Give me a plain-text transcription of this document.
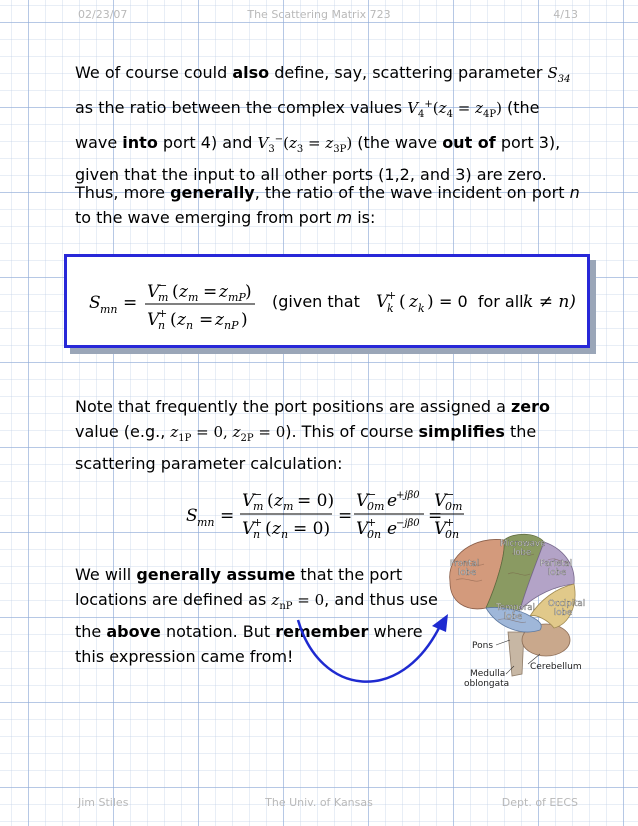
02/23/07	The Scattering Matrix 723	4/13
We of course could also define, say, scattering parameter $S_{34}$ as the ratio between the complex values $V_4^+(z_4 = z_{4P})$ (the wave into port 4) and $V_3^-(z_3 = z_{3P})$ (the wave out of port 3), given that the input to all other ports (1,2, and 3) are zero.
Thus, more generally, the ratio of the wave incident on port n to the wave emerging from port m is:
S mn =
V
m
− ( z m = z mP )
V
n
+ ( z n = z nP )
(given that V
k
+ ( z k ) = 0  for all k ≠ n)
Note that frequently the port positions are assigned a zero value (e.g., $z_{1P} = 0$, $z_{2P} = 0$). This of course simplifies the scattering parameter calculation:
S mn =
V
m
− ( z m = 0)
V
n
+ ( z n = 0)
=
V
0m
− e
+jβ0
V
0n
+ e
−jβ0 =
V
0m
−
V
0n
+
We will generally assume that the port locations are defined as $z_{nP} = 0$, and thus use the above notation. But remember where this expression came from!
Microwave
lobe
Frontal
lobe
Parietal
lobe
Temporal
lobe
Occipital
lobe
Pons
Cerebellum
Medulla
oblongata
Jim Stiles	The Univ. of Kansas	Dept. of EECS
